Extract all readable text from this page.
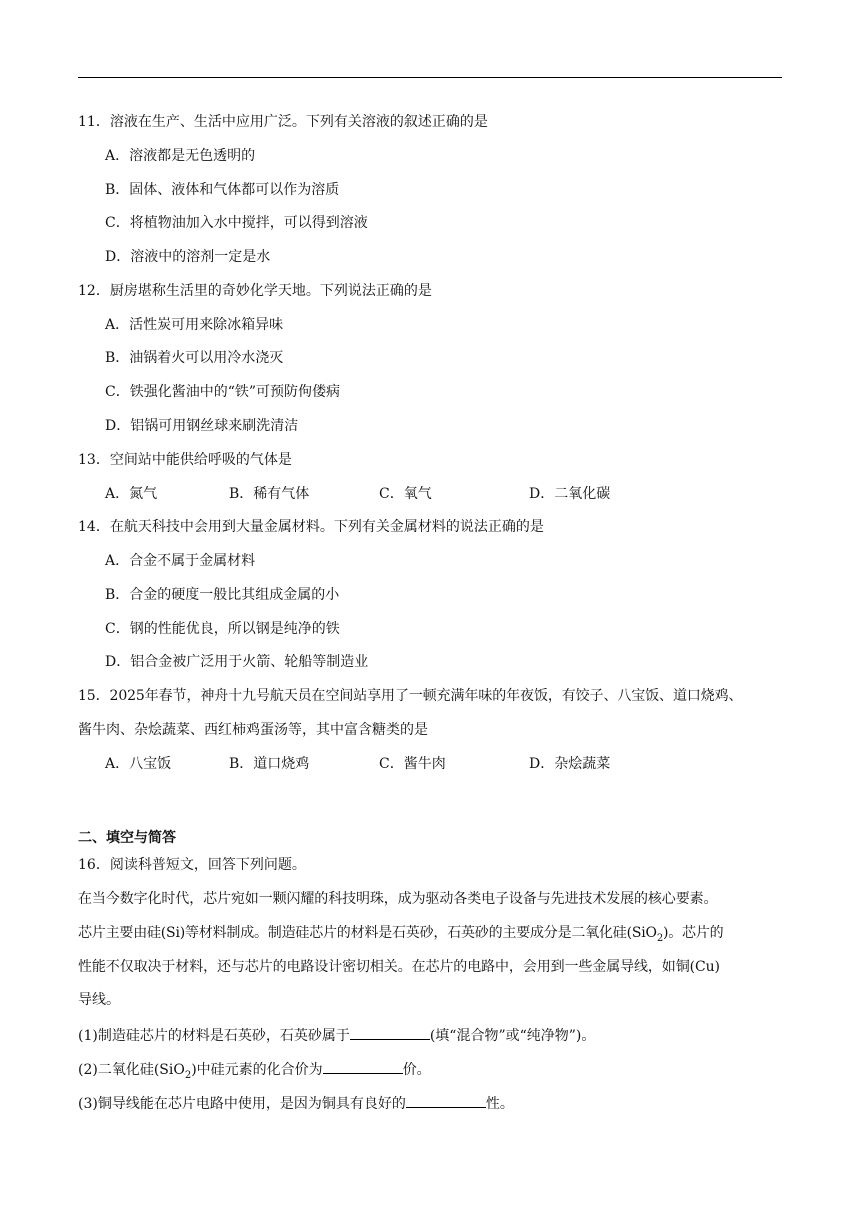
11．溶液在生产、生活中应用广泛。下列有关溶液的叙述正确的是
A．溶液都是无色透明的
B．固体、液体和气体都可以作为溶质
C．将植物油加入水中搅拌，可以得到溶液
D．溶液中的溶剂一定是水
12．厨房堪称生活里的奇妙化学天地。下列说法正确的是
A．活性炭可用来除冰箱异味
B．油锅着火可以用冷水浇灭
C．铁强化酱油中的“铁”可预防佝偻病
D．铝锅可用钢丝球来刷洗清洁
13．空间站中能供给呼吸的气体是
A．氮气	B．稀有气体	C．氧气	D．二氧化碳
14．在航天科技中会用到大量金属材料。下列有关金属材料的说法正确的是
A．合金不属于金属材料
B．合金的硬度一般比其组成金属的小
C．钢的性能优良，所以钢是纯净的铁
D．铝合金被广泛用于火箭、轮船等制造业
15．2025年春节，神舟十九号航天员在空间站享用了一顿充满年味的年夜饭，有饺子、八宝饭、道口烧鸡、
酱牛肉、杂烩蔬菜、西红柿鸡蛋汤等，其中富含糖类的是
A．八宝饭	B．道口烧鸡	C．酱牛肉	D．杂烩蔬菜
二、填空与简答
16．阅读科普短文，回答下列问题。
在当今数字化时代，芯片宛如一颗闪耀的科技明珠，成为驱动各类电子设备与先进技术发展的核心要素。
芯片主要由硅(Si)等材料制成。制造硅芯片的材料是石英砂，石英砂的主要成分是二氧化硅(SiO$_2$)。芯片的
性能不仅取决于材料，还与芯片的电路设计密切相关。在芯片的电路中，会用到一些金属导线，如铜(Cu)
导线。
(1)制造硅芯片的材料是石英砂，石英砂属于	(填“混合物”或“纯净物”)。
(2)二氧化硅(SiO$_2$)中硅元素的化合价为	价。
(3)铜导线能在芯片电路中使用，是因为铜具有良好的	性。
